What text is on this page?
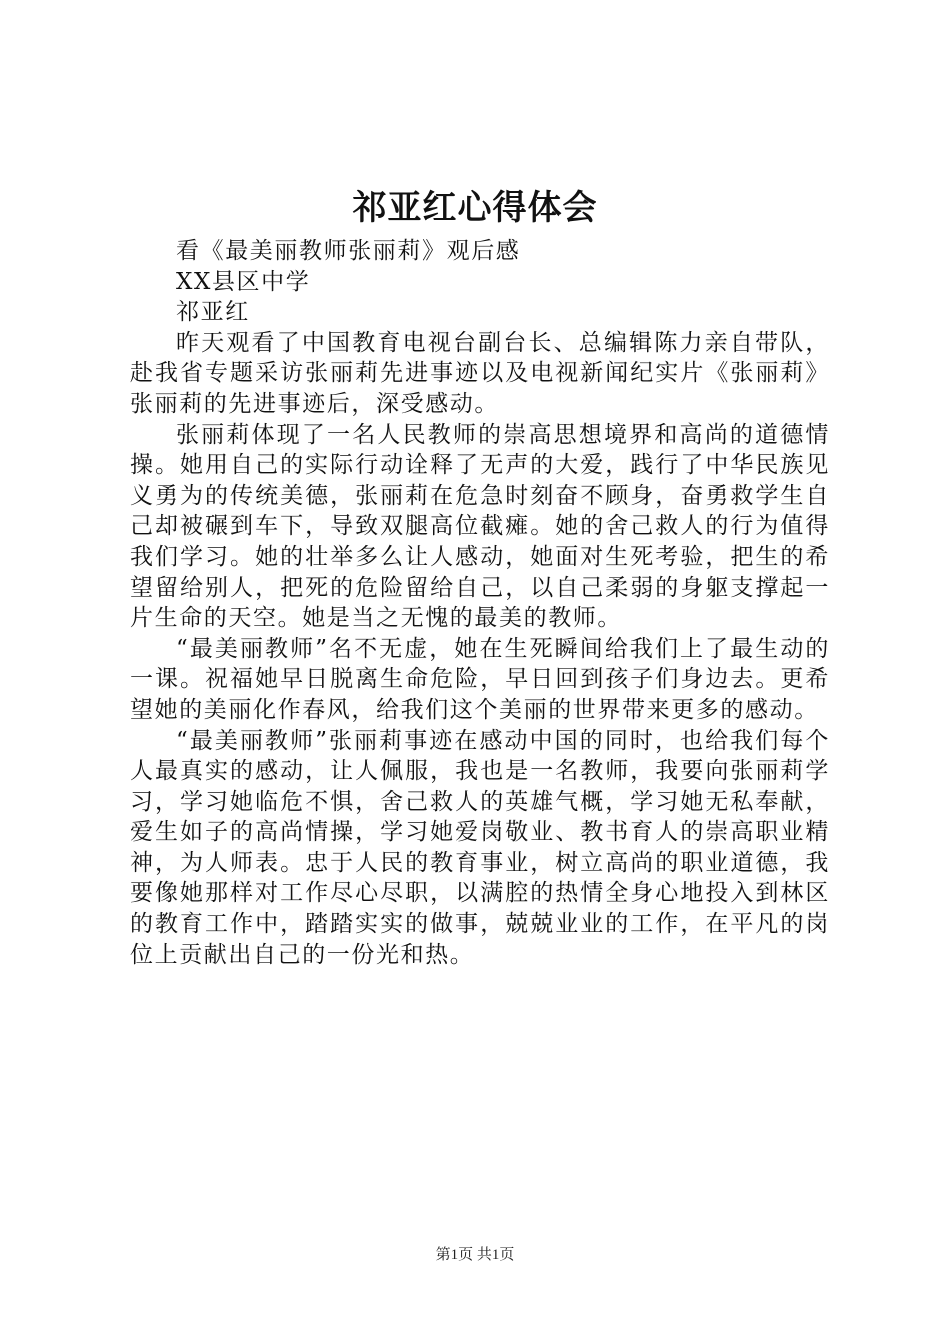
祁亚红心得体会

看《最美丽教师张丽莉》观后感

XX县区中学

祁亚红

昨天观看了中国教育电视台副台长、总编辑陈力亲自带队，赴我省专题采访张丽莉先进事迹以及电视新闻纪实片《张丽莉》张丽莉的先进事迹后，深受感动。

张丽莉体现了一名人民教师的崇高思想境界和高尚的道德情操。她用自己的实际行动诠释了无声的大爱，践行了中华民族见义勇为的传统美德，张丽莉在危急时刻奋不顾身，奋勇救学生自己却被碾到车下，导致双腿高位截瘫。她的舍己救人的行为值得我们学习。她的壮举多么让人感动，她面对生死考验，把生的希望留给别人，把死的危险留给自己，以自己柔弱的身躯支撑起一片生命的天空。她是当之无愧的最美的教师。

“最美丽教师”名不无虚，她在生死瞬间给我们上了最生动的一课。祝福她早日脱离生命危险，早日回到孩子们身边去。更希望她的美丽化作春风，给我们这个美丽的世界带来更多的感动。

“最美丽教师”张丽莉事迹在感动中国的同时，也给我们每个人最真实的感动，让人佩服，我也是一名教师，我要向张丽莉学习，学习她临危不惧，舍己救人的英雄气概，学习她无私奉献，爱生如子的高尚情操，学习她爱岗敬业、教书育人的崇高职业精神，为人师表。忠于人民的教育事业，树立高尚的职业道德，我要像她那样对工作尽心尽职，以满腔的热情全身心地投入到林区的教育工作中，踏踏实实的做事，兢兢业业的工作，在平凡的岗位上贡献出自己的一份光和热。

第1页 共1页
